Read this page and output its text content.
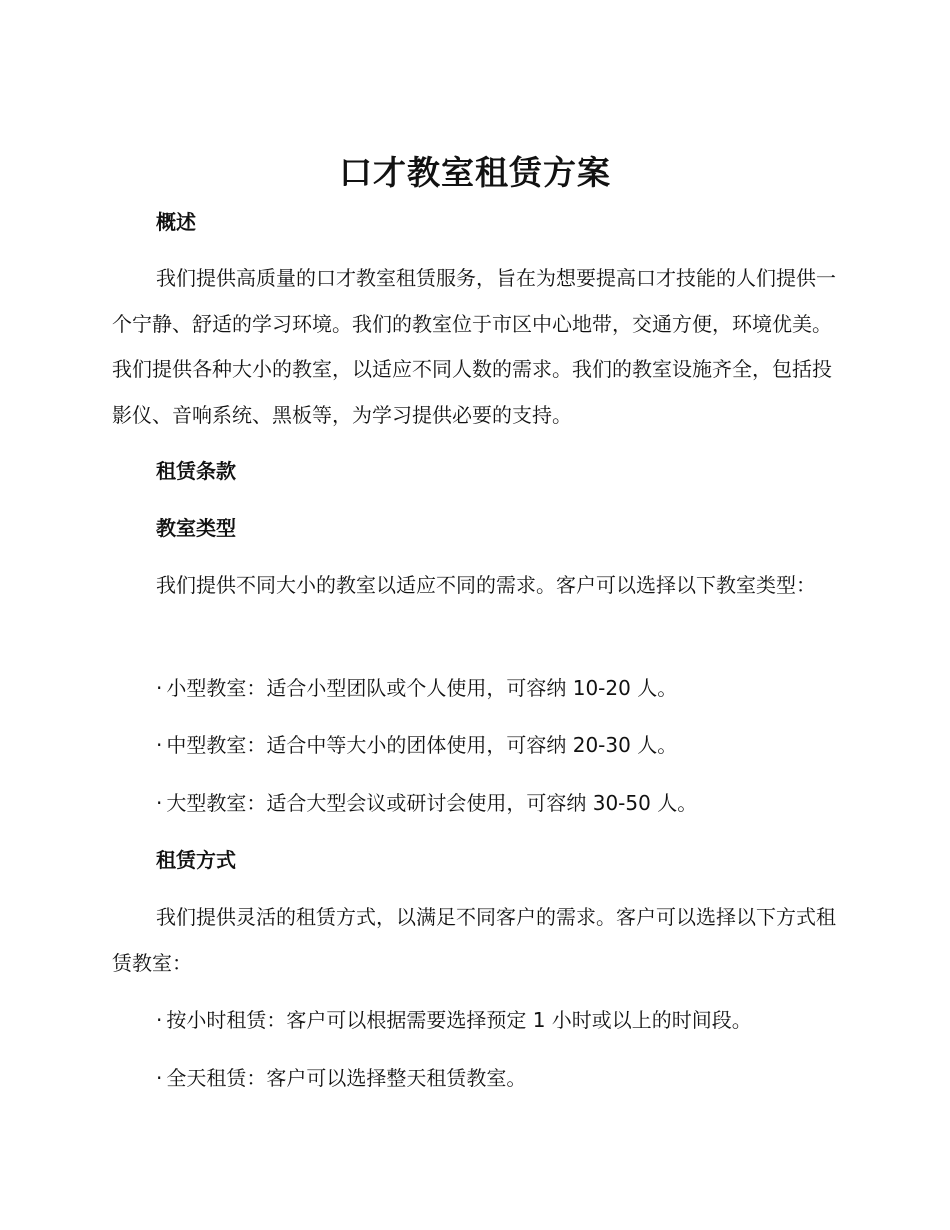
口才教室租赁方案
概述

我们提供高质量的口才教室租赁服务，旨在为想要提高口才技能的人们提供一个宁静、舒适的学习环境。我们的教室位于市区中心地带，交通方便，环境优美。我们提供各种大小的教室，以适应不同人数的需求。我们的教室设施齐全，包括投影仪、音响系统、黑板等，为学习提供必要的支持。

租赁条款
教室类型

我们提供不同大小的教室以适应不同的需求。客户可以选择以下教室类型：

· 小型教室：适合小型团队或个人使用，可容纳 10-20 人。
· 中型教室：适合中等大小的团体使用，可容纳 20-30 人。
· 大型教室：适合大型会议或研讨会使用，可容纳 30-50 人。
租赁方式

我们提供灵活的租赁方式，以满足不同客户的需求。客户可以选择以下方式租赁教室：

· 按小时租赁：客户可以根据需要选择预定 1 小时或以上的时间段。
· 全天租赁：客户可以选择整天租赁教室。
